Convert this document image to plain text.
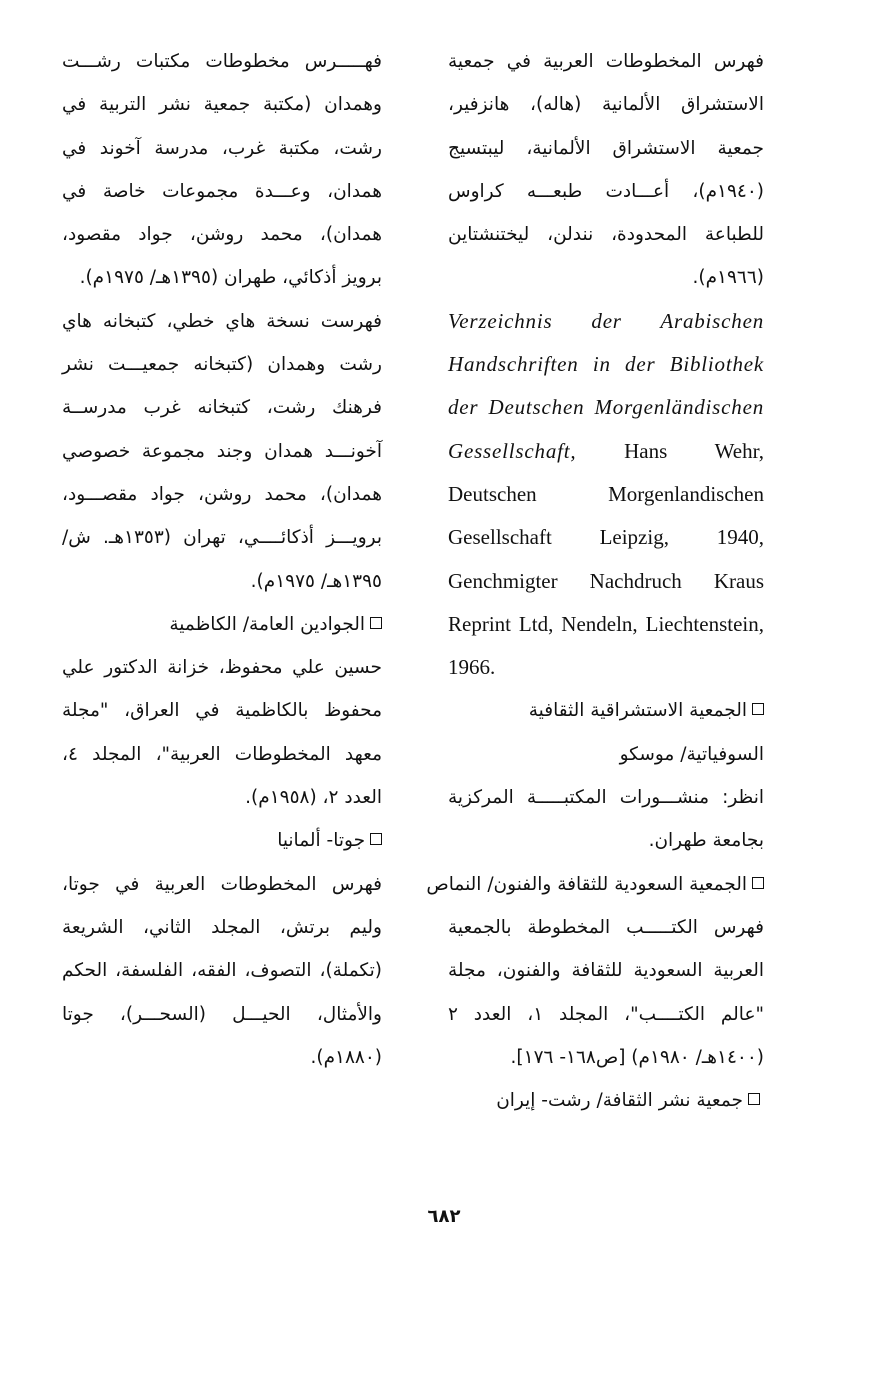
فهرس المخطوطات العربية في جمعية الاستشراق الألمانية (هاله)، هانزفير، جمعية الاستشراق الألمانية، ليبتسيج (١٩٤٠م)، أعـــادت طبعـــه كراوس للطباعة المحدودة، نندلن، ليختنشتاين (١٩٦٦م).

Verzeichnis der Arabischen Handschriften in der Bibliothek der Deutschen Morgenländischen Gessellschaft, Hans Wehr, Deutschen Morgenlandischen Gesellschaft Leipzig, 1940, Genchmigter Nachdruch Kraus Reprint Ltd, Nendeln, Liechtenstein, 1966.

الجمعية الاستشراقية الثقافية السوفياتية/ موسكو

انظر: منشـــورات المكتبـــــة المركزية بجامعة طهران.

الجمعية السعودية للثقافة والفنون/ النماص

فهرس الكتـــــب المخطوطة بالجمعية العربية السعودية للثقافة والفنون، مجلة "عالم الكتــــب"، المجلد ١، العدد ٢ (١٤٠٠هـ/ ١٩٨٠م) [ص١٦٨- ١٧٦].

جمعية نشر الثقافة/ رشت- إيران

فهـــــرس مخطوطات مكتبات رشـــت وهمدان (مكتبة جمعية نشر التربية في رشت، مكتبة غرب، مدرسة آخوند في همدان، وعـــدة مجموعات خاصة في همدان)، محمد روشن، جواد مقصود، برويز أذكائي، طهران (١٣٩٥هـ/ ١٩٧٥م).

فهرست نسخة هاي خطي، كتبخانه هاي رشت وهمدان (كتبخانه جمعيـــت نشر فرهنك رشت، كتبخانه غرب مدرســة آخونـــد همدان وجند مجموعة خصوصي همدان)، محمد روشن، جواد مقصـــود، برويـــز أذكائــــي، تهران (١٣٥٣هـ. ش/ ١٣٩٥هـ/ ١٩٧٥م).

الجوادين العامة/ الكاظمية

حسين علي محفوظ، خزانة الدكتور علي محفوظ بالكاظمية في العراق، "مجلة معهد المخطوطات العربية"، المجلد ٤، العدد ٢، (١٩٥٨م).

جوتا- ألمانيا

فهرس المخطوطات العربية في جوتا، وليم برتش، المجلد الثاني، الشريعة (تكملة)، التصوف، الفقه، الفلسفة، الحكم والأمثال، الحيـــل (السحـــر)، جوتا (١٨٨٠م).

٦٨٢
